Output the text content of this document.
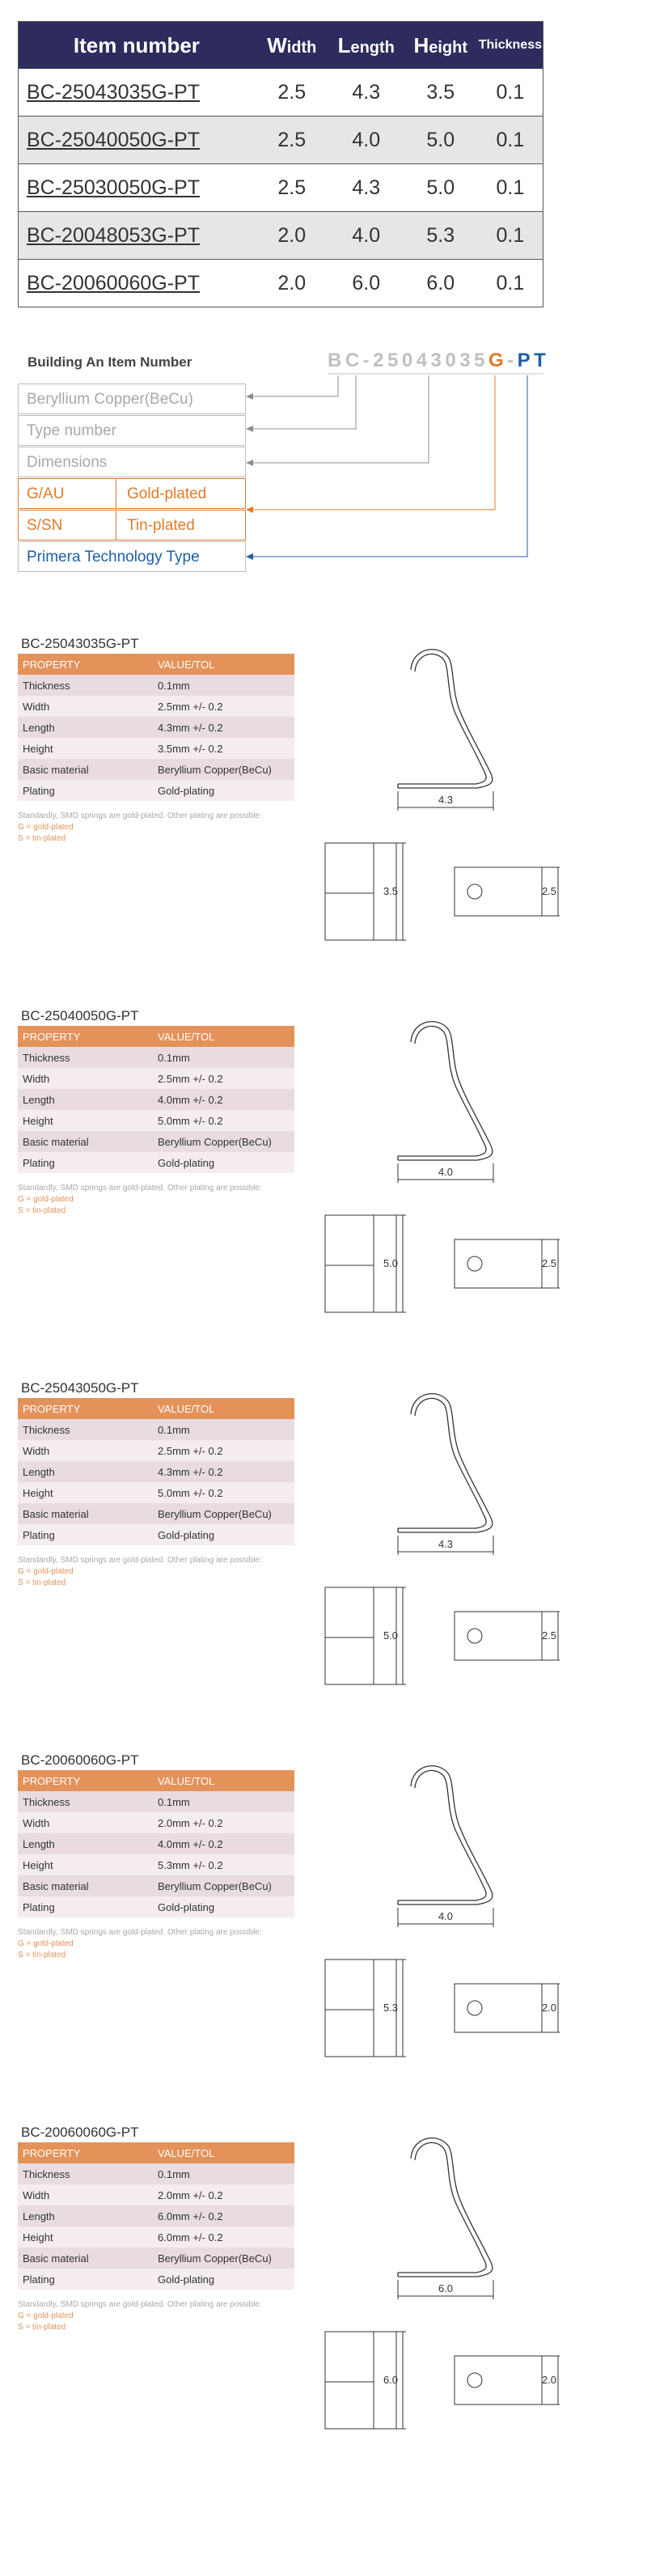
Item number	Width	Length	Height	Thickness
BC-25043035G-PT	2.5	4.3	3.5	0.1
BC-25040050G-PT	2.5	4.0	5.0	0.1
BC-25030050G-PT	2.5	4.3	5.0	0.1
BC-20048053G-PT	2.0	4.0	5.3	0.1
BC-20060060G-PT	2.0	6.0	6.0	0.1
Building An Item Number	BC-25043035G-PT
Beryllium Copper(BeCu)
Type number
Dimensions
G/AU	Gold-plated
S/SN	Tin-plated
Primera Technology Type
BC-25043035G-PT
PROPERTY	VALUE/TOL
Thickness	0.1mm
Width	2.5mm +/- 0.2
Length	4.3mm +/- 0.2
Height	3.5mm +/- 0.2
Basic material	Beryllium Copper(BeCu)
Plating	Gold-plating
Standardly, SMD springs are gold-plated. Other plating are possible:
G = gold-plated
S = tin-plated
4.3
3.5	2.5
BC-25040050G-PT
PROPERTY	VALUE/TOL
Thickness	0.1mm
Width	2.5mm +/- 0.2
Length	4.0mm +/- 0.2
Height	5.0mm +/- 0.2
Basic material	Beryllium Copper(BeCu)
Plating	Gold-plating
Standardly, SMD springs are gold-plated. Other plating are possible:
G = gold-plated
S = tin-plated
4.0
5.0	2.5
BC-25043050G-PT
PROPERTY	VALUE/TOL
Thickness	0.1mm
Width	2.5mm +/- 0.2
Length	4.3mm +/- 0.2
Height	5.0mm +/- 0.2
Basic material	Beryllium Copper(BeCu)
Plating	Gold-plating
Standardly, SMD springs are gold-plated. Other plating are possible:
G = gold-plated
S = tin-plated
4.3
5.0	2.5
BC-20060060G-PT
PROPERTY	VALUE/TOL
Thickness	0.1mm
Width	2.0mm +/- 0.2
Length	4.0mm +/- 0.2
Height	5.3mm +/- 0.2
Basic material	Beryllium Copper(BeCu)
Plating	Gold-plating
Standardly, SMD springs are gold-plated. Other plating are possible:
G = gold-plated
S = tin-plated
4.0
5.3	2.0
BC-20060060G-PT
PROPERTY	VALUE/TOL
Thickness	0.1mm
Width	2.0mm +/- 0.2
Length	6.0mm +/- 0.2
Height	6.0mm +/- 0.2
Basic material	Beryllium Copper(BeCu)
Plating	Gold-plating
Standardly, SMD springs are gold-plated. Other plating are possible:
G = gold-plated
S = tin-plated
6.0
6.0	2.0
